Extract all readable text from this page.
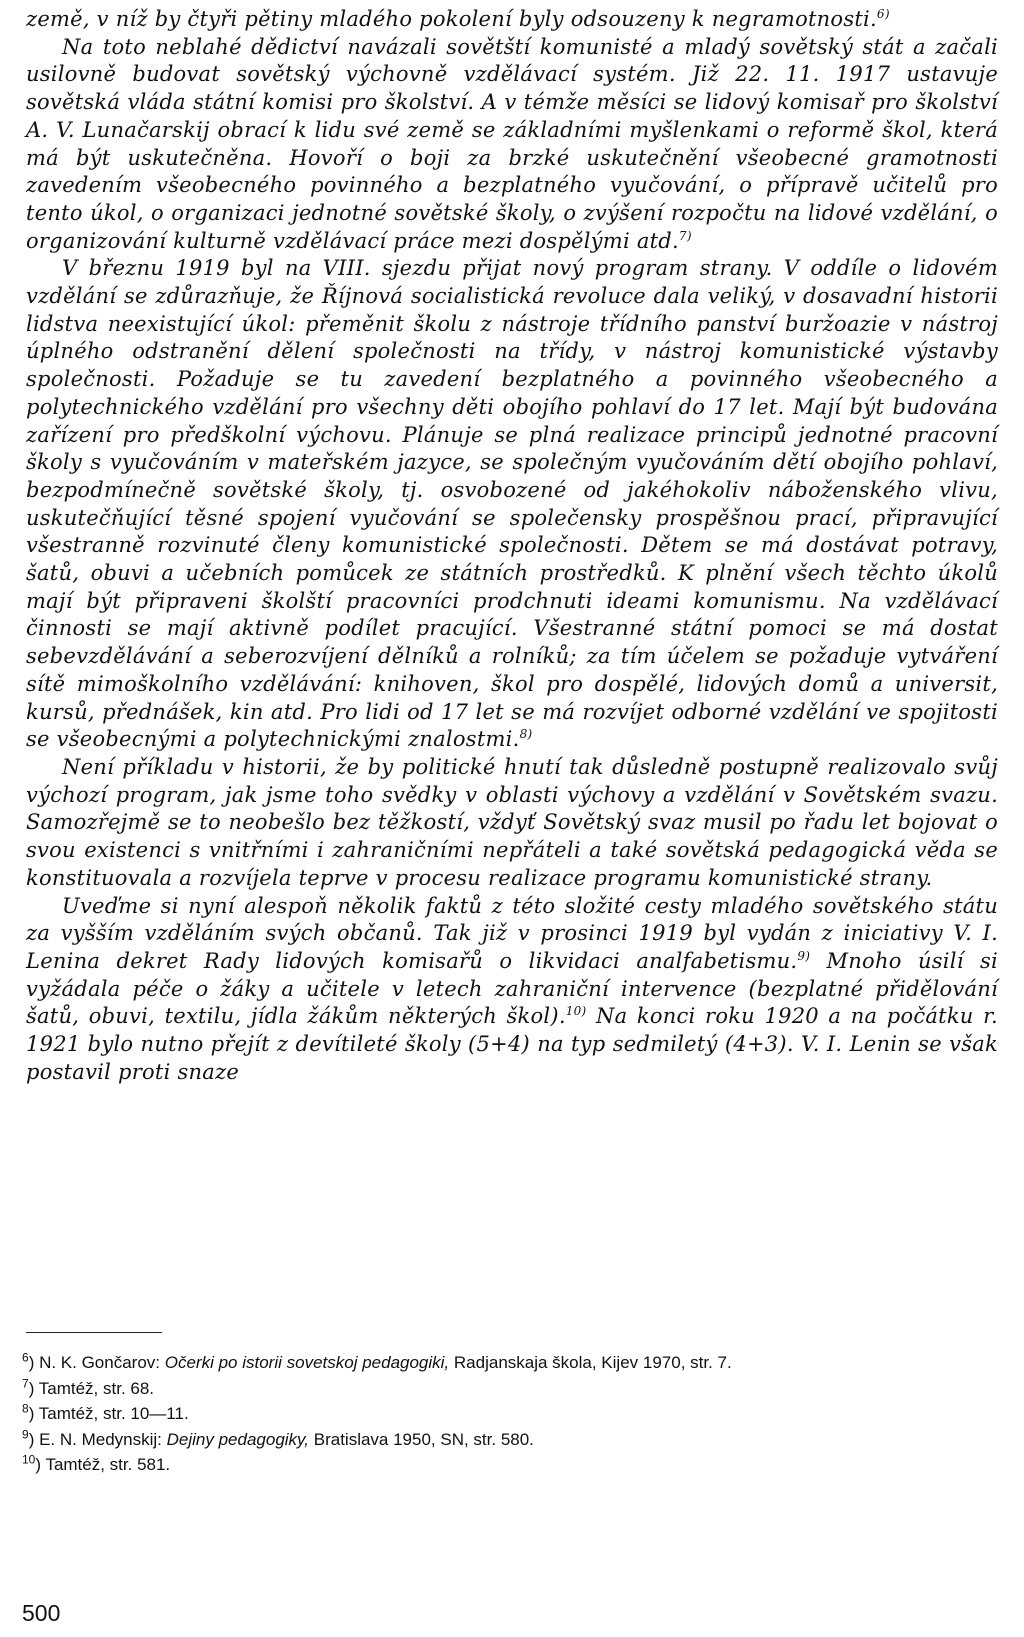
země, v níž by čtyři pětiny mladého pokolení byly odsouzeny k negramotnosti.$^{6)}$

Na toto neblahé dědictví navázali sovětští komunisté a mladý sovětský stát a začali usilovně budovat sovětský výchovně vzdělávací systém. Již 22. 11. 1917 ustavuje sovětská vláda státní komisi pro školství. A v témže měsíci se lidový komisař pro školství A. V. Lunačarskij obrací k lidu své země se základními myšlenkami o reformě škol, která má být uskutečněna. Hovoří o boji za brzké uskutečnění všeobecné gramotnosti zavedením všeobecného povinného a bezplatného vyučování, o přípravě učitelů pro tento úkol, o organizaci jednotné sovětské školy, o zvýšení rozpočtu na lidové vzdělání, o organizování kulturně vzdělávací práce mezi dospělými atd.$^{7)}$

V březnu 1919 byl na VIII. sjezdu přijat nový program strany. V oddíle o lidovém vzdělání se zdůrazňuje, že Říjnová socialistická revoluce dala veliký, v dosavadní historii lidstva neexistující úkol: přeměnit školu z nástroje třídního panství buržoazie v nástroj úplného odstranění dělení společnosti na třídy, v nástroj komunistické výstavby společnosti. Požaduje se tu zavedení bezplatného a povinného všeobecného a polytechnického vzdělání pro všechny děti obojího pohlaví do 17 let. Mají být budována zařízení pro předškolní výchovu. Plánuje se plná realizace principů jednotné pracovní školy s vyučováním v mateřském jazyce, se společným vyučováním dětí obojího pohlaví, bezpodmínečně sovětské školy, tj. osvobozené od jakéhokoliv náboženského vlivu, uskutečňující těsné spojení vyučování se společensky prospěšnou prací, připravující všestranně rozvinuté členy komunistické společnosti. Dětem se má dostávat potravy, šatů, obuvi a učebních pomůcek ze státních prostředků. K plnění všech těchto úkolů mají být připraveni školští pracovníci prodchnuti ideami komunismu. Na vzdělávací činnosti se mají aktivně podílet pracující. Všestranné státní pomoci se má dostat sebevzdělávání a seberozvíjení dělníků a rolníků; za tím účelem se požaduje vytváření sítě mimoškolního vzdělávání: knihoven, škol pro dospělé, lidových domů a universit, kursů, přednášek, kin atd. Pro lidi od 17 let se má rozvíjet odborné vzdělání ve spojitosti se všeobecnými a polytechnickými znalostmi.$^{8)}$

Není příkladu v historii, že by politické hnutí tak důsledně postupně realizovalo svůj výchozí program, jak jsme toho svědky v oblasti výchovy a vzdělání v Sovětském svazu. Samozřejmě se to neobešlo bez těžkostí, vždyť Sovětský svaz musil po řadu let bojovat o svou existenci s vnitřními i zahraničními nepřáteli a také sovětská pedagogická věda se konstituovala a rozvíjela teprve v procesu realizace programu komunistické strany.

Uveďme si nyní alespoň několik faktů z této složité cesty mladého sovětského státu za vyšším vzděláním svých občanů. Tak již v prosinci 1919 byl vydán z iniciativy V. I. Lenina dekret Rady lidových komisařů o likvidaci analfabetismu.$^{9)}$ Mnoho úsilí si vyžádala péče o žáky a učitele v letech zahraniční intervence (bezplatné přidělování šatů, obuvi, textilu, jídla žákům některých škol).$^{10)}$ Na konci roku 1920 a na počátku r. 1921 bylo nutno přejít z devítileté školy (5+4) na typ sedmiletý (4+3). V. I. Lenin se však postavil proti snaze

$^6$) N. K. Gončarov: Očerki po istorii sovetskoj pedagogiki, Radjanskaja škola, Kijev 1970, str. 7.

$^7$) Tamtéž, str. 68.

$^8$) Tamtéž, str. 10—11.

$^9$) E. N. Medynskij: Dejiny pedagogiky, Bratislava 1950, SN, str. 580.

$^{10}$) Tamtéž, str. 581.

500
